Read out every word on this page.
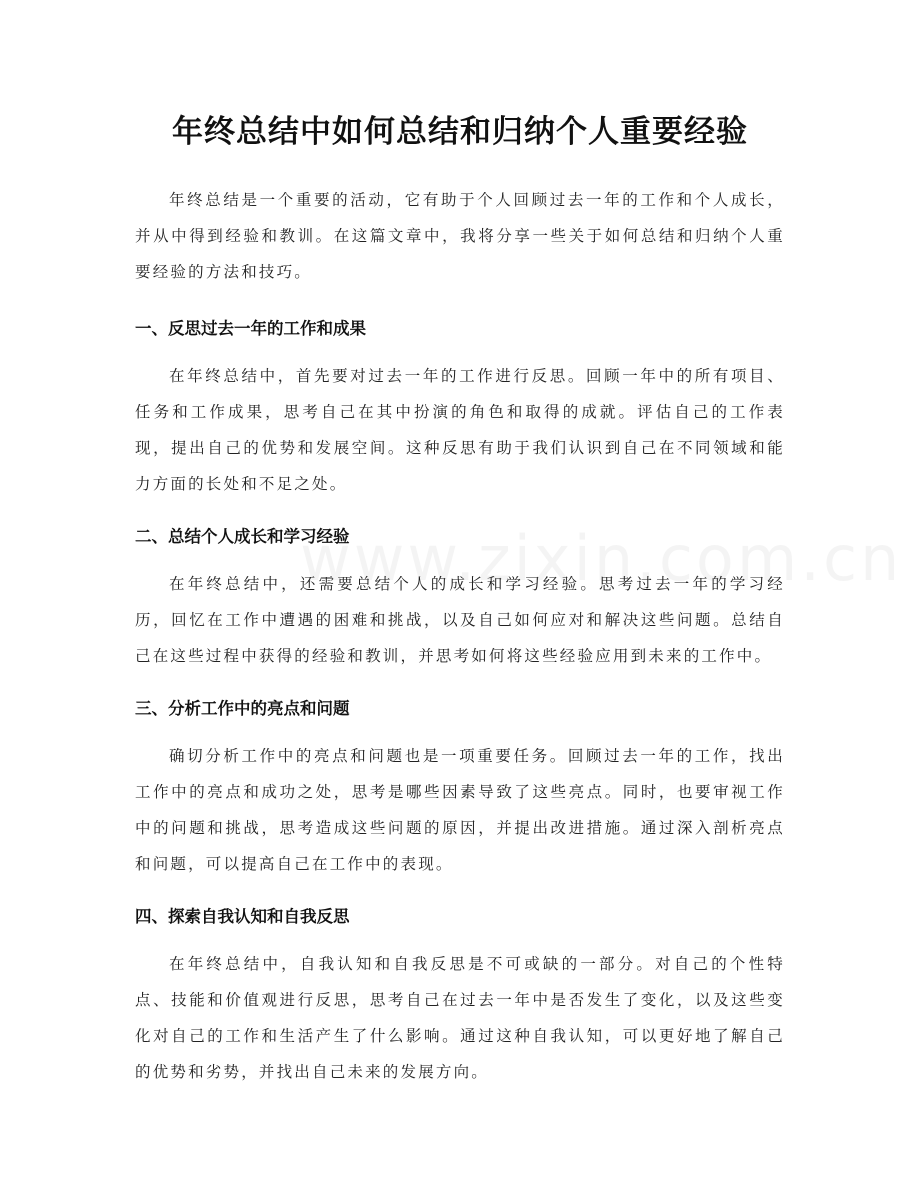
年终总结中如何总结和归纳个人重要经验

年终总结是一个重要的活动，它有助于个人回顾过去一年的工作和个人成长，并从中得到经验和教训。在这篇文章中，我将分享一些关于如何总结和归纳个人重要经验的方法和技巧。

一、反思过去一年的工作和成果

在年终总结中，首先要对过去一年的工作进行反思。回顾一年中的所有项目、任务和工作成果，思考自己在其中扮演的角色和取得的成就。评估自己的工作表现，提出自己的优势和发展空间。这种反思有助于我们认识到自己在不同领域和能力方面的长处和不足之处。

二、总结个人成长和学习经验

在年终总结中，还需要总结个人的成长和学习经验。思考过去一年的学习经历，回忆在工作中遭遇的困难和挑战，以及自己如何应对和解决这些问题。总结自己在这些过程中获得的经验和教训，并思考如何将这些经验应用到未来的工作中。

三、分析工作中的亮点和问题

确切分析工作中的亮点和问题也是一项重要任务。回顾过去一年的工作，找出工作中的亮点和成功之处，思考是哪些因素导致了这些亮点。同时，也要审视工作中的问题和挑战，思考造成这些问题的原因，并提出改进措施。通过深入剖析亮点和问题，可以提高自己在工作中的表现。

四、探索自我认知和自我反思

在年终总结中，自我认知和自我反思是不可或缺的一部分。对自己的个性特点、技能和价值观进行反思，思考自己在过去一年中是否发生了变化，以及这些变化对自己的工作和生活产生了什么影响。通过这种自我认知，可以更好地了解自己的优势和劣势，并找出自己未来的发展方向。
